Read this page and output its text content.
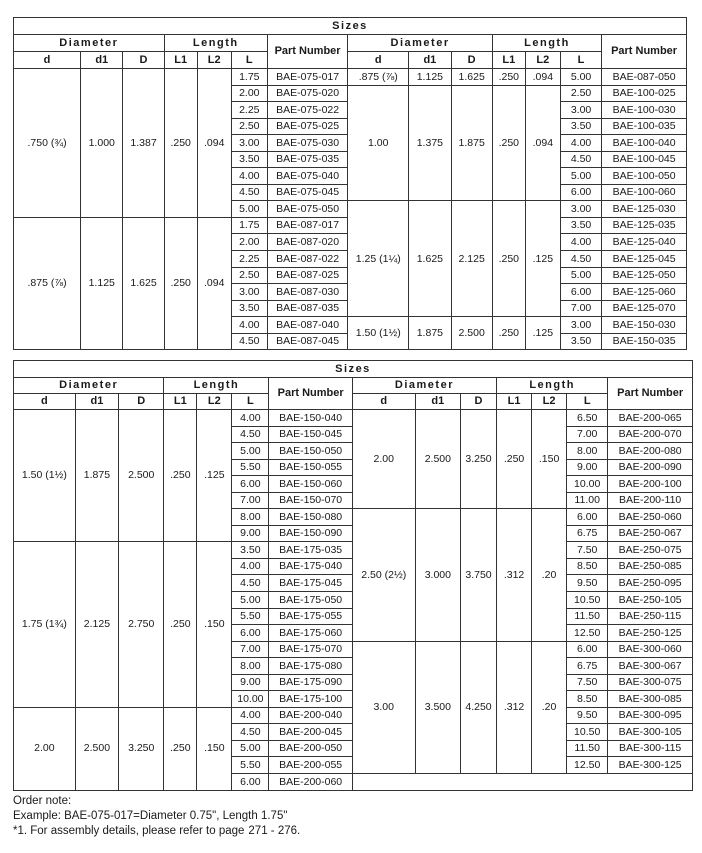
Sizes													
Diameter			Length			Part Number	Diameter			Length			Part Number
d	d1	D	L1	L2	L		d	d1	D	L1	L2	L	
.750 (¾)	1.000	1.387	.250	.094	1.75	BAE-075-017	.875 (⅞)	1.125	1.625	.250	.094	5.00	BAE-087-050
					2.00	BAE-075-020	1.00	1.375	1.875	.250	.094	2.50	BAE-100-025
					2.25	BAE-075-022						3.00	BAE-100-030
					2.50	BAE-075-025						3.50	BAE-100-035
					3.00	BAE-075-030						4.00	BAE-100-040
					3.50	BAE-075-035						4.50	BAE-100-045
					4.00	BAE-075-040						5.00	BAE-100-050
					4.50	BAE-075-045						6.00	BAE-100-060
					5.00	BAE-075-050	1.25 (1¼)	1.625	2.125	.250	.125	3.00	BAE-125-030
.875 (⅞)	1.125	1.625	.250	.094	1.75	BAE-087-017						3.50	BAE-125-035
					2.00	BAE-087-020						4.00	BAE-125-040
					2.25	BAE-087-022						4.50	BAE-125-045
					2.50	BAE-087-025						5.00	BAE-125-050
					3.00	BAE-087-030						6.00	BAE-125-060
					3.50	BAE-087-035						7.00	BAE-125-070
					4.00	BAE-087-040	1.50 (1½)	1.875	2.500	.250	.125	3.00	BAE-150-030
					4.50	BAE-087-045						3.50	BAE-150-035
Sizes													
Diameter			Length			Part Number	Diameter			Length			Part Number
d	d1	D	L1	L2	L		d	d1	D	L1	L2	L	
1.50 (1½)	1.875	2.500	.250	.125	4.00	BAE-150-040	2.00	2.500	3.250	.250	.150	6.50	BAE-200-065
					4.50	BAE-150-045						7.00	BAE-200-070
					5.00	BAE-150-050						8.00	BAE-200-080
					5.50	BAE-150-055						9.00	BAE-200-090
					6.00	BAE-150-060						10.00	BAE-200-100
					7.00	BAE-150-070						11.00	BAE-200-110
					8.00	BAE-150-080	2.50 (2½)	3.000	3.750	.312	.20	6.00	BAE-250-060
					9.00	BAE-150-090						6.75	BAE-250-067
1.75 (1¾)	2.125	2.750	.250	.150	3.50	BAE-175-035						7.50	BAE-250-075
					4.00	BAE-175-040						8.50	BAE-250-085
					4.50	BAE-175-045						9.50	BAE-250-095
					5.00	BAE-175-050						10.50	BAE-250-105
					5.50	BAE-175-055						11.50	BAE-250-115
					6.00	BAE-175-060						12.50	BAE-250-125
					7.00	BAE-175-070	3.00	3.500	4.250	.312	.20	6.00	BAE-300-060
					8.00	BAE-175-080						6.75	BAE-300-067
					9.00	BAE-175-090						7.50	BAE-300-075
					10.00	BAE-175-100						8.50	BAE-300-085
2.00	2.500	3.250	.250	.150	4.00	BAE-200-040						9.50	BAE-300-095
					4.50	BAE-200-045						10.50	BAE-300-105
					5.00	BAE-200-050						11.50	BAE-300-115
					5.50	BAE-200-055						12.50	BAE-300-125
					6.00	BAE-200-060							
Order note:
Example: BAE-075-017=Diameter 0.75", Length 1.75"
*1. For assembly details, please refer to page 271 - 276.
